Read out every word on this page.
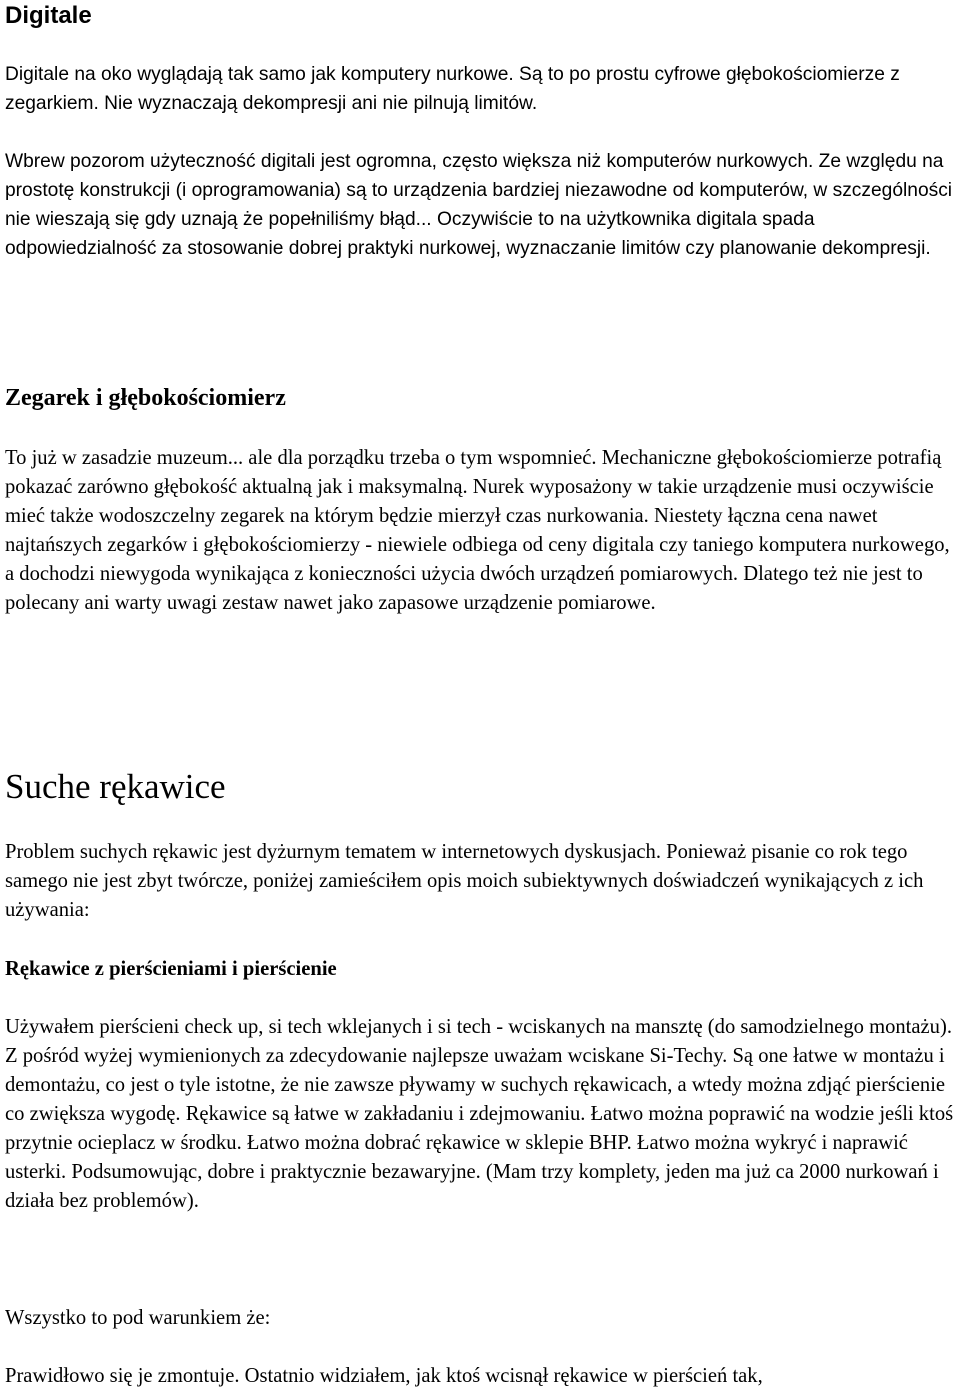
Digitale

Digitale na oko wyglądają tak samo jak komputery nurkowe. Są to po prostu cyfrowe głębokościomierze z zegarkiem. Nie wyznaczają dekompresji ani nie pilnują limitów.

Wbrew pozorom użyteczność digitali jest ogromna, często większa niż komputerów nurkowych. Ze względu na prostotę konstrukcji (i oprogramowania) są to urządzenia bardziej niezawodne od komputerów, w szczególności nie wieszają się gdy uznają że popełniliśmy błąd... Oczywiście to na użytkownika digitala spada odpowiedzialność za stosowanie dobrej praktyki nurkowej, wyznaczanie limitów czy planowanie dekompresji.

Zegarek i głębokościomierz

To już w zasadzie muzeum... ale dla porządku trzeba o tym wspomnieć. Mechaniczne głębokościomierze potrafią pokazać zarówno głębokość aktualną jak i maksymalną. Nurek wyposażony w takie urządzenie musi oczywiście mieć także wodoszczelny zegarek na którym będzie mierzył czas nurkowania. Niestety łączna cena nawet najtańszych zegarków i głębokościomierzy - niewiele odbiega od ceny digitala czy taniego komputera nurkowego, a dochodzi niewygoda wynikająca z konieczności użycia dwóch urządzeń pomiarowych. Dlatego też nie jest to polecany ani warty uwagi zestaw nawet jako zapasowe urządzenie pomiarowe.

Suche rękawice

Problem suchych rękawic jest dyżurnym tematem w internetowych dyskusjach. Ponieważ pisanie co rok tego samego nie jest zbyt twórcze, poniżej zamieściłem opis moich subiektywnych doświadczeń wynikających z ich używania:

Rękawice z pierścieniami i pierścienie

Używałem pierścieni check up, si tech wklejanych i si tech - wciskanych na mansztę (do samodzielnego montażu). Z pośród wyżej wymienionych za zdecydowanie najlepsze uważam wciskane Si-Techy. Są one łatwe w montażu i demontażu, co jest o tyle istotne, że nie zawsze pływamy w suchych rękawicach, a wtedy można zdjąć pierścienie co zwiększa wygodę. Rękawice są łatwe w zakładaniu i zdejmowaniu. Łatwo można poprawić na wodzie jeśli ktoś przytnie ocieplacz w środku. Łatwo można dobrać rękawice w sklepie BHP. Łatwo można wykryć i naprawić usterki. Podsumowując, dobre i praktycznie bezawaryjne. (Mam trzy komplety, jeden ma już ca 2000 nurkowań i działa bez problemów).

Wszystko to pod warunkiem że:

Prawidłowo się je zmontuje. Ostatnio widziałem, jak ktoś wcisnął rękawice w pierścień tak,
